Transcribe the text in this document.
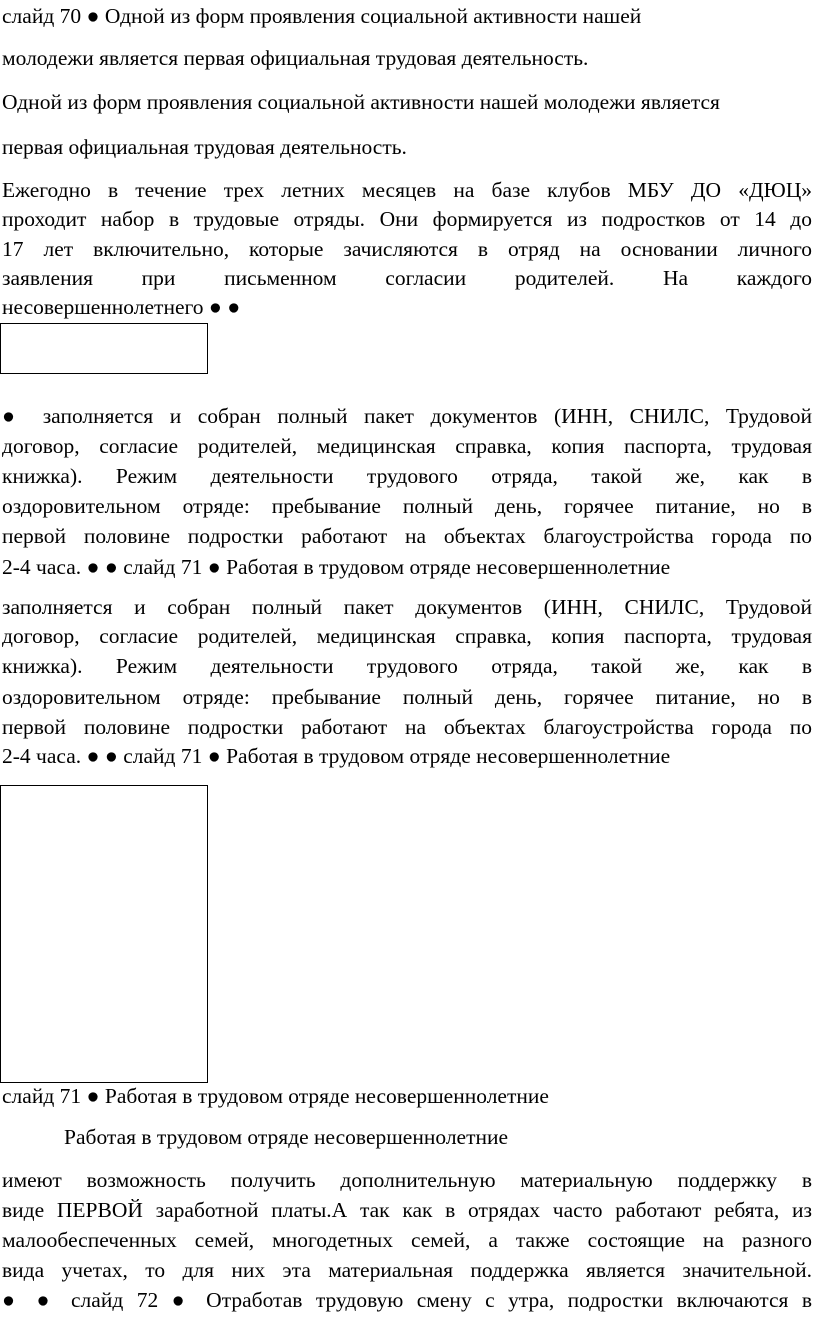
слайд 70 ● Одной из форм проявления социальной активности нашей
молодежи является первая официальная трудовая деятельность.
Одной из форм проявления социальной активности нашей молодежи является
первая официальная трудовая деятельность.
Ежегодно в течение трех летних месяцев на базе клубов МБУ ДО «ДЮЦ»
проходит набор в трудовые отряды. Они формируется из подростков от 14 до
17 лет включительно, которые зачисляются в отряд на основании личного
заявления при письменном согласии родителей. На каждого
несовершеннолетнего ● ●
● заполняется и собран полный пакет документов (ИНН, СНИЛС, Трудовой
договор, согласие родителей, медицинская справка, копия паспорта, трудовая
книжка). Режим деятельности трудового отряда, такой же, как в
оздоровительном отряде: пребывание полный день, горячее питание, но в
первой половине подростки работают на объектах благоустройства города по
2-4 часа. ● ● слайд 71 ● Работая в трудовом отряде несовершеннолетние
заполняется и собран полный пакет документов (ИНН, СНИЛС, Трудовой
договор, согласие родителей, медицинская справка, копия паспорта, трудовая
книжка). Режим деятельности трудового отряда, такой же, как в
оздоровительном отряде: пребывание полный день, горячее питание, но в
первой половине подростки работают на объектах благоустройства города по
2-4 часа. ● ● слайд 71 ● Работая в трудовом отряде несовершеннолетние
слайд 71 ● Работая в трудовом отряде несовершеннолетние
Работая в трудовом отряде несовершеннолетние
имеют возможность получить дополнительную материальную поддержку в
виде ПЕРВОЙ заработной платы.А так как в отрядах часто работают ребята, из
малообеспеченных семей, многодетных семей, а также состоящие на разного
вида учетах, то для них эта материальная поддержка является значительной.
● ● слайд 72 ● Отработав трудовую смену с утра, подростки включаются в
